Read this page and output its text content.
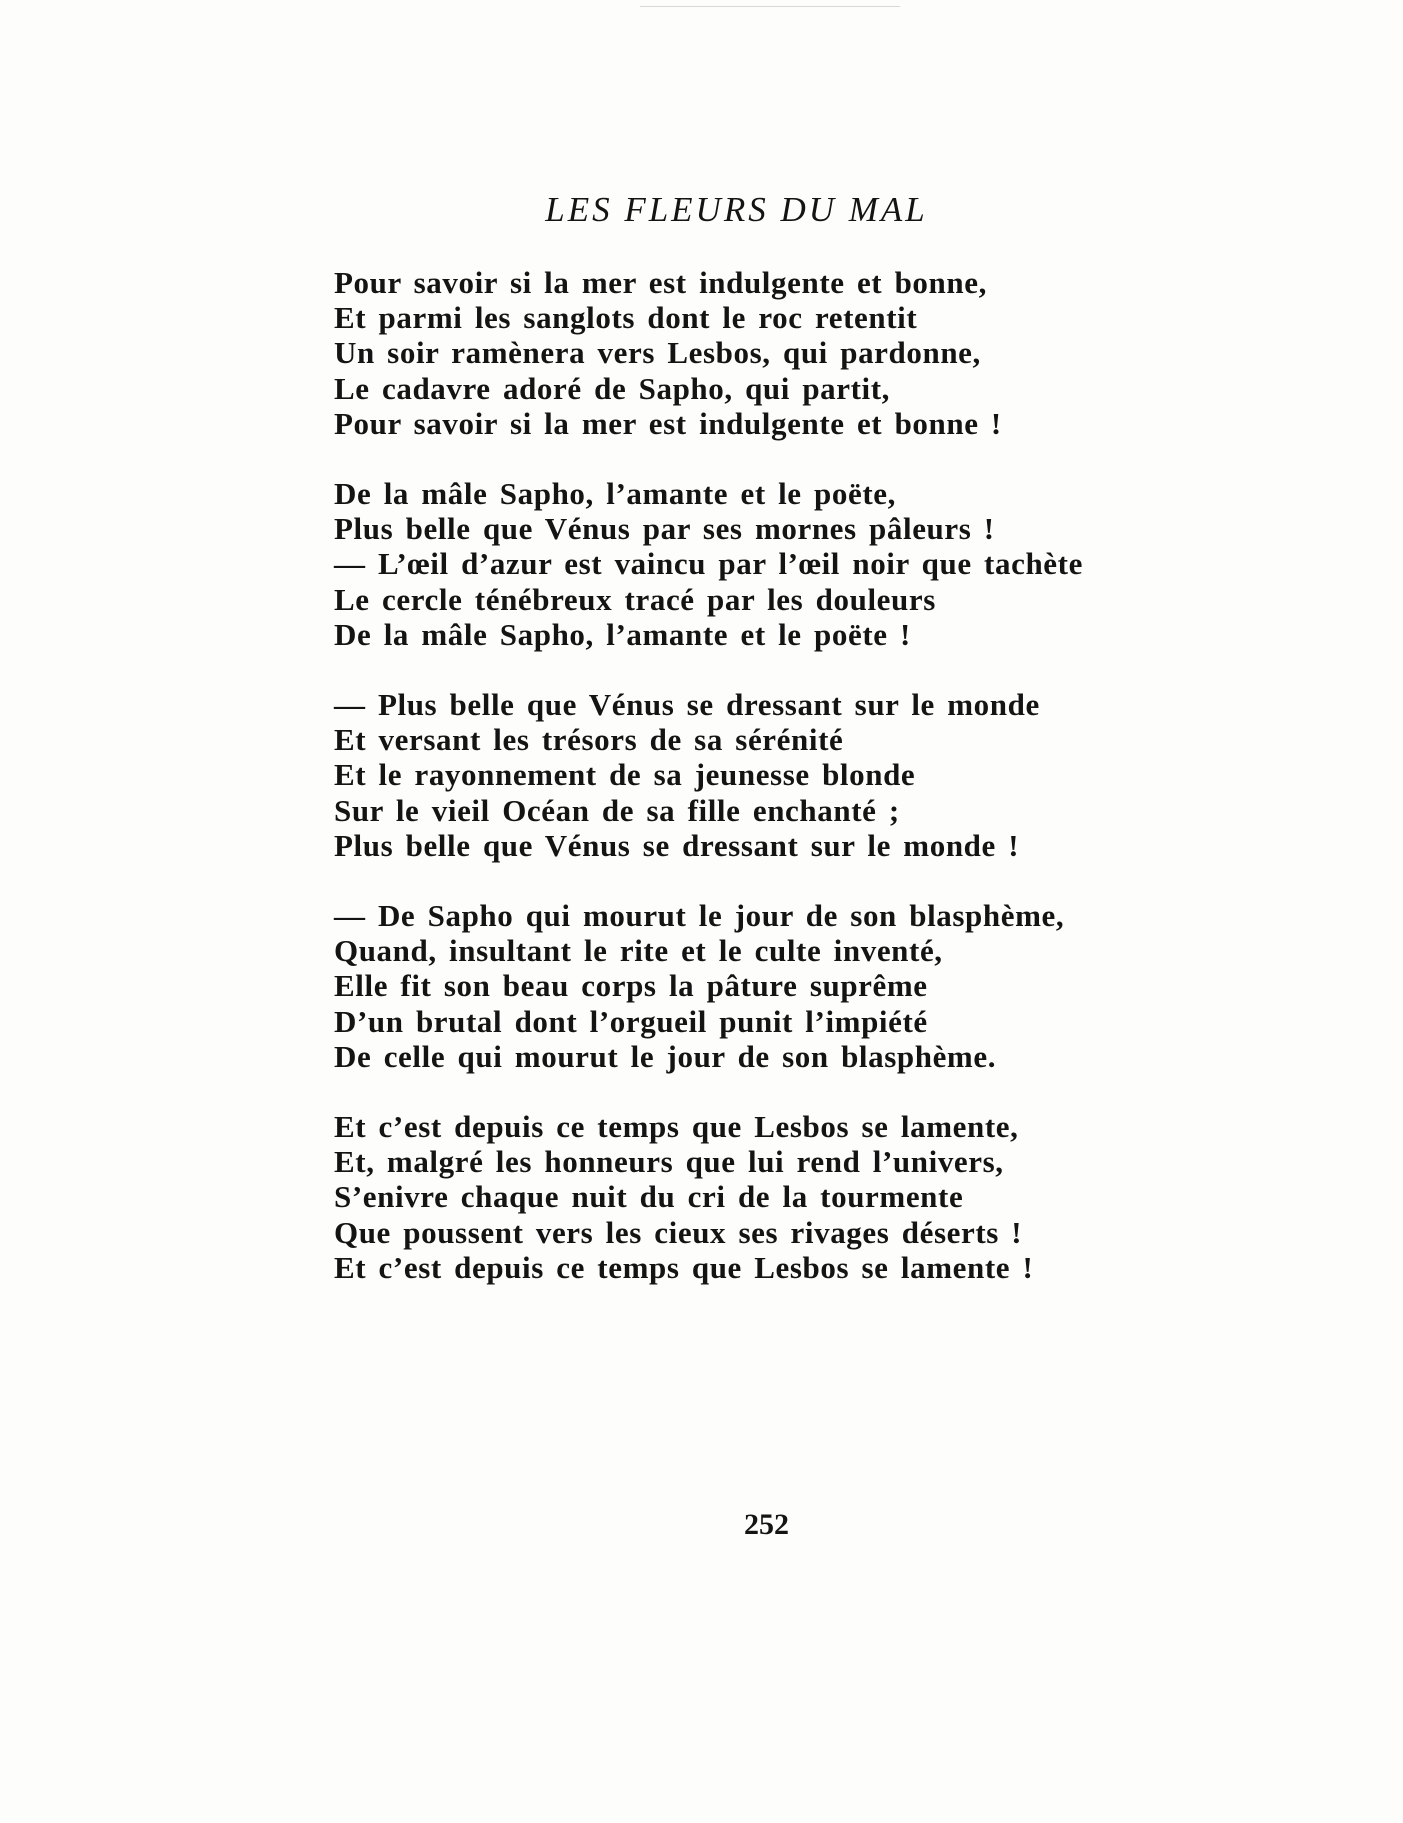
LES FLEURS DU MAL
Pour savoir si la mer est indulgente et bonne,
Et parmi les sanglots dont le roc retentit
Un soir ramènera vers Lesbos, qui pardonne,
Le cadavre adoré de Sapho, qui partit,
Pour savoir si la mer est indulgente et bonne !
De la mâle Sapho, l’amante et le poëte,
Plus belle que Vénus par ses mornes pâleurs !
— L’œil d’azur est vaincu par l’œil noir que tachète
Le cercle ténébreux tracé par les douleurs
De la mâle Sapho, l’amante et le poëte !
— Plus belle que Vénus se dressant sur le monde
Et versant les trésors de sa sérénité
Et le rayonnement de sa jeunesse blonde
Sur le vieil Océan de sa fille enchanté ;
Plus belle que Vénus se dressant sur le monde !
— De Sapho qui mourut le jour de son blasphème,
Quand, insultant le rite et le culte inventé,
Elle fit son beau corps la pâture suprême
D’un brutal dont l’orgueil punit l’impiété
De celle qui mourut le jour de son blasphème.
Et c’est depuis ce temps que Lesbos se lamente,
Et, malgré les honneurs que lui rend l’univers,
S’enivre chaque nuit du cri de la tourmente
Que poussent vers les cieux ses rivages déserts !
Et c’est depuis ce temps que Lesbos se lamente !
252
